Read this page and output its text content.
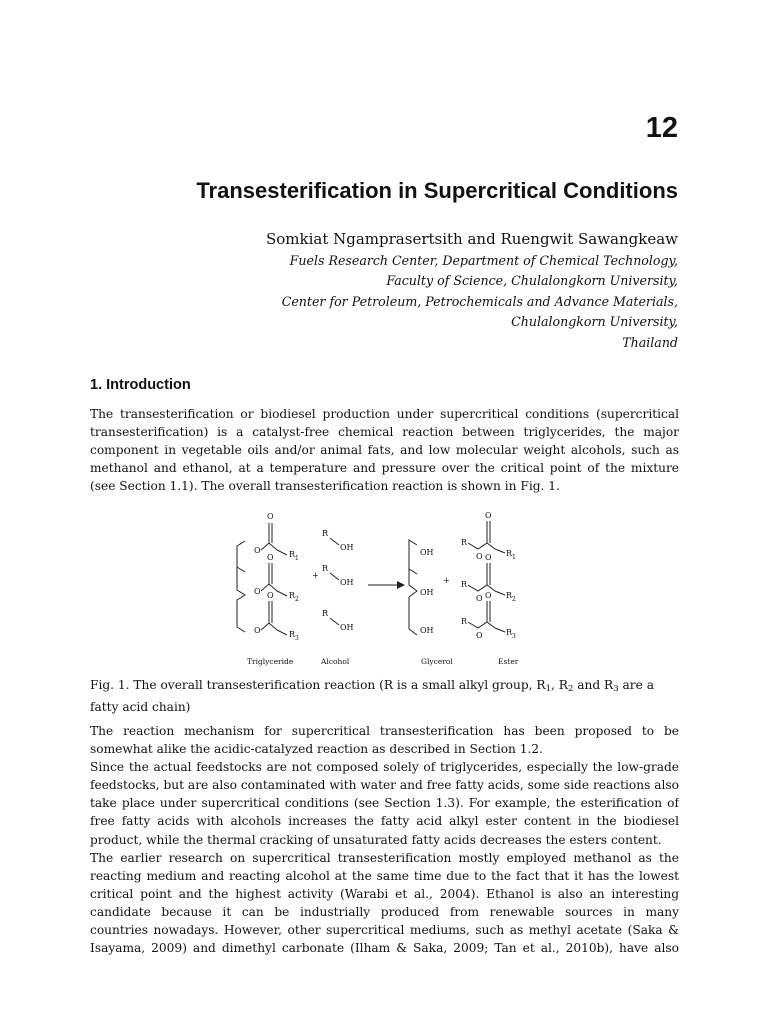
12
Transesterification in Supercritical Conditions
Somkiat Ngamprasertsith and Ruengwit Sawangkeaw
Fuels Research Center, Department of Chemical Technology,
Faculty of Science, Chulalongkorn University,
Center for Petroleum, Petrochemicals and Advance Materials,
Chulalongkorn University,
Thailand
1. Introduction
The transesterification or biodiesel production under supercritical conditions (supercritical
transesterification) is a catalyst-free chemical reaction between triglycerides, the major
component in vegetable oils and/or animal fats, and low molecular weight alcohols, such as
methanol and ethanol, at a temperature and pressure over the critical point of the mixture
(see Section 1.1). The overall transesterification reaction is shown in Fig. 1.
O
O	R 1
O
O	R 2
O
O	R 3
R
OH
+
R
OH
R
OH
OH
+
OH
OH
O
R
O	R 1
O
R
O	R 2
O
R
O	R 3
Triglyceride	Alcohol	Glycerol	Ester
Fig. 1. The overall transesterification reaction (R is a small alkyl group, $R_1$, $R_2$ and $R_3$ are a
fatty acid chain)
The reaction mechanism for supercritical transesterification has been proposed to be
somewhat alike the acidic-catalyzed reaction as described in Section 1.2.
Since the actual feedstocks are not composed solely of triglycerides, especially the low-grade
feedstocks, but are also contaminated with water and free fatty acids, some side reactions also
take place under supercritical conditions (see Section 1.3). For example, the esterification of
free fatty acids with alcohols increases the fatty acid alkyl ester content in the biodiesel
product, while the thermal cracking of unsaturated fatty acids decreases the esters content.
The earlier research on supercritical transesterification mostly employed methanol as the
reacting medium and reacting alcohol at the same time due to the fact that it has the lowest
critical point and the highest activity (Warabi et al., 2004). Ethanol is also an interesting
candidate because it can be industrially produced from renewable sources in many
countries nowadays. However, other supercritical mediums, such as methyl acetate (Saka &
Isayama, 2009) and dimethyl carbonate (Ilham & Saka, 2009; Tan et al., 2010b), have also
